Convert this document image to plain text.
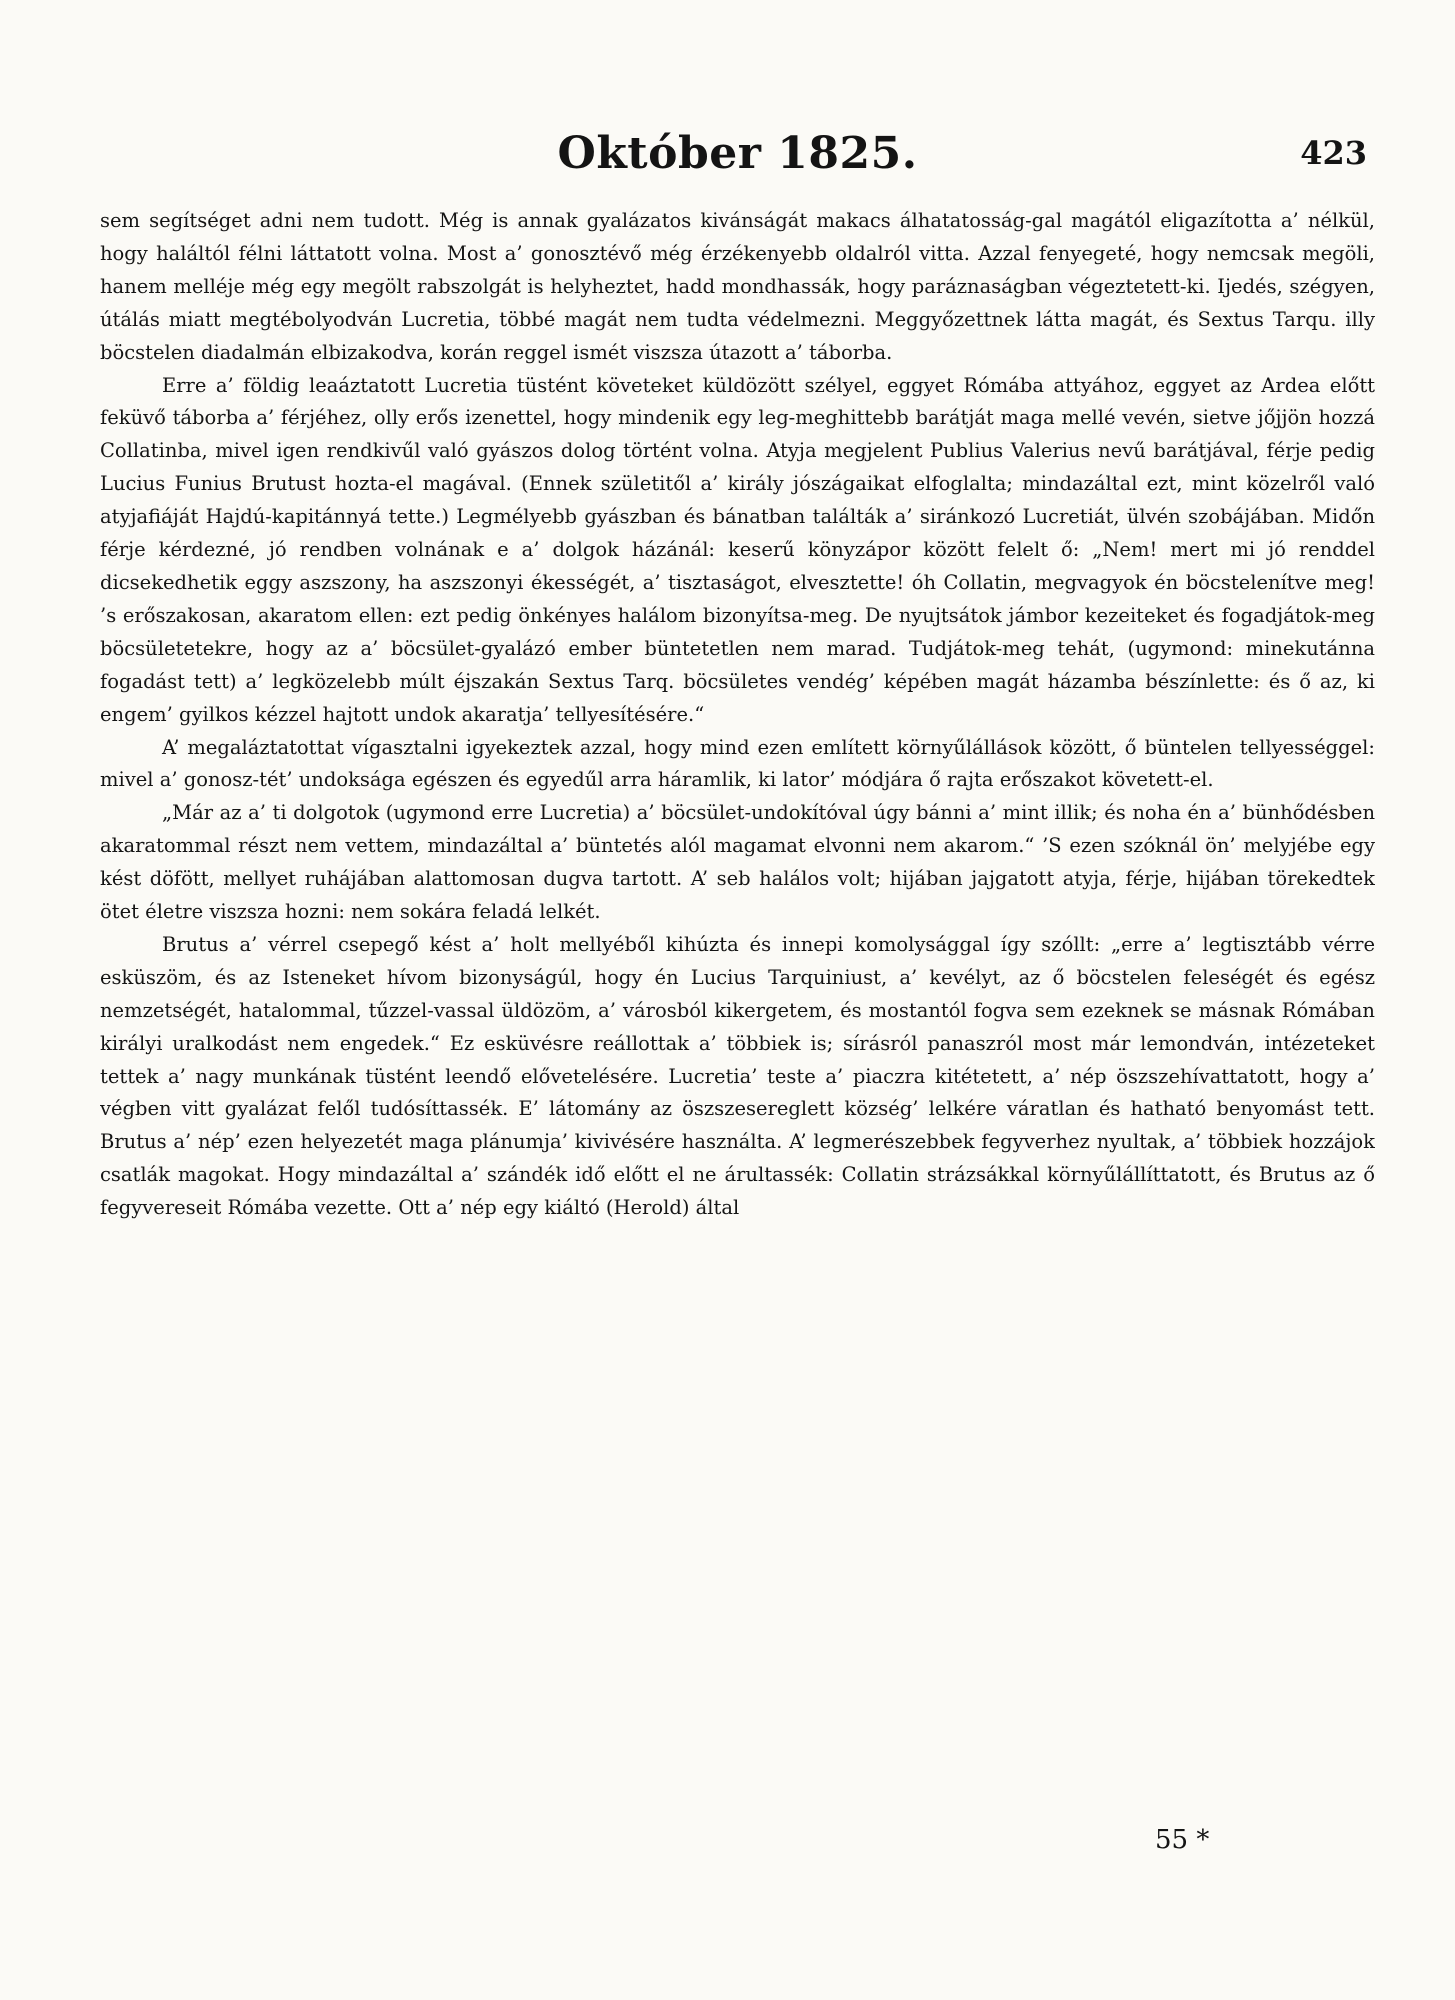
Október 1825.	423

sem segítséget adni nem tudott. Még is annak gyalázatos kivánságát makacs álhatatosság-gal magától eligazította a’ nélkül, hogy haláltól félni láttatott volna. Most a’ gonosztévő még érzékenyebb oldalról vitta. Azzal fenyegeté, hogy nemcsak megöli, hanem melléje még egy megölt rabszolgát is helyheztet, hadd mondhassák, hogy paráznaságban végeztetett-ki. Ijedés, szégyen, útálás miatt megtébolyodván Lucretia, többé magát nem tudta védelmezni. Meggyőzettnek látta magát, és Sextus Tarqu. illy böcstelen diadalmán elbizakodva, korán reggel ismét viszsza útazott a’ táborba.

Erre a’ földig leaáztatott Lucretia tüstént követeket küldözött szélyel, eggyet Rómába attyához, eggyet az Ardea előtt feküvő táborba a’ férjéhez, olly erős izenettel, hogy mindenik egy leg-meghittebb barátját maga mellé vevén, sietve jőjjön hozzá Collatinba, mivel igen rendkivűl való gyászos dolog történt volna. Atyja megjelent Publius Valerius nevű barátjával, férje pedig Lucius Funius Brutust hozta-el magával. (Ennek születitől a’ király jószágaikat elfoglalta; mindazáltal ezt, mint közelről való atyjafiáját Hajdú-kapitánnyá tette.) Legmélyebb gyászban és bánatban találták a’ siránkozó Lucretiát, ülvén szobájában. Midőn férje kérdezné, jó rendben volnának e a’ dolgok házánál: keserű könyzápor között felelt ő: „Nem! mert mi jó renddel dicsekedhetik eggy aszszony, ha aszszonyi ékességét, a’ tisztaságot, elvesztette! óh Collatin, megvagyok én böcstelenítve meg! ’s erőszakosan, akaratom ellen: ezt pedig önkényes halálom bizonyítsa-meg. De nyujtsátok jámbor kezeiteket és fogadjátok-meg böcsületetekre, hogy az a’ böcsület-gyalázó ember büntetetlen nem marad. Tudjátok-meg tehát, (ugymond: minekutánna fogadást tett) a’ legközelebb múlt éjszakán Sextus Tarq. böcsületes vendég’ képében magát házamba bészínlette: és ő az, ki engem’ gyilkos kézzel hajtott undok akaratja’ tellyesítésére.“

A’ megaláztatottat vígasztalni igyekeztek azzal, hogy mind ezen említett környűlállások között, ő büntelen tellyességgel: mivel a’ gonosz-tét’ undoksága egészen és egyedűl arra háramlik, ki lator’ módjára ő rajta erőszakot követett-el.

„Már az a’ ti dolgotok (ugymond erre Lucretia) a’ böcsület-undokítóval úgy bánni a’ mint illik; és noha én a’ bünhődésben akaratommal részt nem vettem, mindazáltal a’ büntetés alól magamat elvonni nem akarom.“ ’S ezen szóknál ön’ melyjébe egy kést döfött, mellyet ruhájában alattomosan dugva tartott. A’ seb halálos volt; hijában jajgatott atyja, férje, hijában törekedtek ötet életre viszsza hozni: nem sokára feladá lelkét.

Brutus a’ vérrel csepegő kést a’ holt mellyéből kihúzta és innepi komolysággal így szóllt: „erre a’ legtisztább vérre esküszöm, és az Isteneket hívom bizonyságúl, hogy én Lucius Tarquiniust, a’ kevélyt, az ő böcstelen feleségét és egész nemzetségét, hatalommal, tűzzel-vassal üldözöm, a’ városból kikergetem, és mostantól fogva sem ezeknek se másnak Rómában királyi uralkodást nem engedek.“ Ez esküvésre reállottak a’ többiek is; sírásról panaszról most már lemondván, intézeteket tettek a’ nagy munkának tüstént leendő elővetelésére. Lucretia’ teste a’ piaczra kitétetett, a’ nép öszszehívattatott, hogy a’ végben vitt gyalázat felől tudósíttassék. E’ látomány az öszszesereglett község’ lelkére váratlan és hatható benyomást tett. Brutus a’ nép’ ezen helyezetét maga plánumja’ kivivésére használta. A’ legmerészebbek fegyverhez nyultak, a’ többiek hozzájok csatlák magokat. Hogy mindazáltal a’ szándék idő előtt el ne árultassék: Collatin strázsákkal környűlállíttatott, és Brutus az ő fegyvereseit Rómába vezette. Ott a’ nép egy kiáltó (Herold) által

55 *
